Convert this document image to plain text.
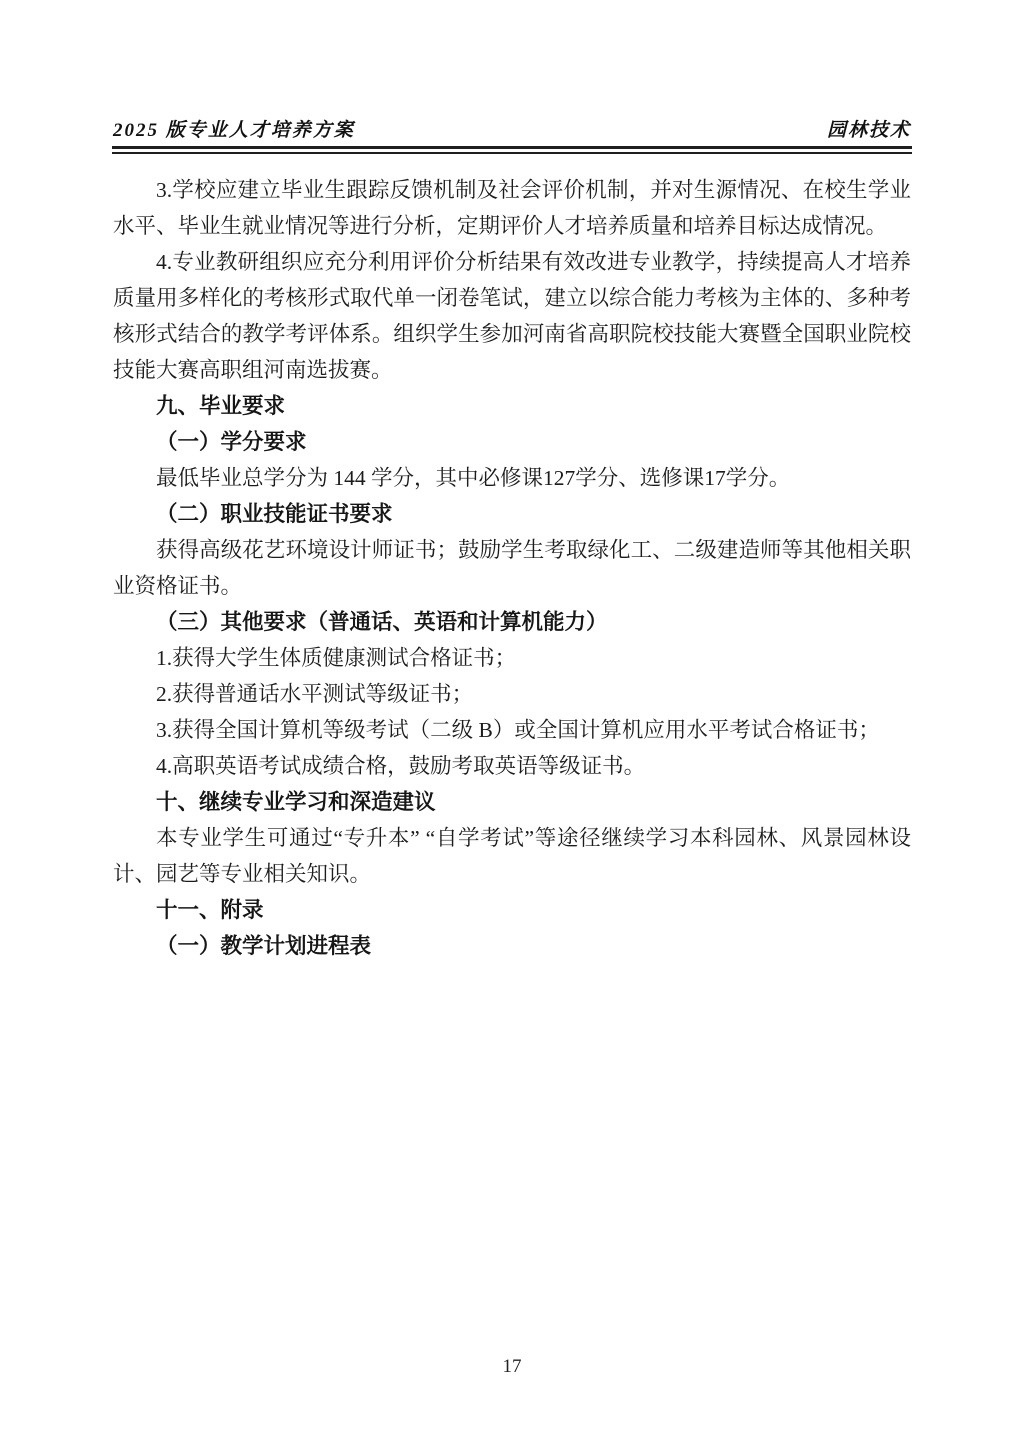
2025 版专业人才培养方案	园林技术

3.学校应建立毕业生跟踪反馈机制及社会评价机制，并对生源情况、在校生学业水平、毕业生就业情况等进行分析，定期评价人才培养质量和培养目标达成情况。

4.专业教研组织应充分利用评价分析结果有效改进专业教学，持续提高人才培养质量用多样化的考核形式取代单一闭卷笔试，建立以综合能力考核为主体的、多种考核形式结合的教学考评体系。组织学生参加河南省高职院校技能大赛暨全国职业院校技能大赛高职组河南选拔赛。

九、毕业要求

（一）学分要求

最低毕业总学分为 144 学分，其中必修课127学分、选修课17学分。

（二）职业技能证书要求

获得高级花艺环境设计师证书；鼓励学生考取绿化工、二级建造师等其他相关职业资格证书。

（三）其他要求（普通话、英语和计算机能力）

1.获得大学生体质健康测试合格证书；

2.获得普通话水平测试等级证书；

3.获得全国计算机等级考试（二级 B）或全国计算机应用水平考试合格证书；

4.高职英语考试成绩合格，鼓励考取英语等级证书。

十、继续专业学习和深造建议

本专业学生可通过“专升本” “自学考试”等途径继续学习本科园林、风景园林设计、园艺等专业相关知识。

十一、附录

（一）教学计划进程表

17
